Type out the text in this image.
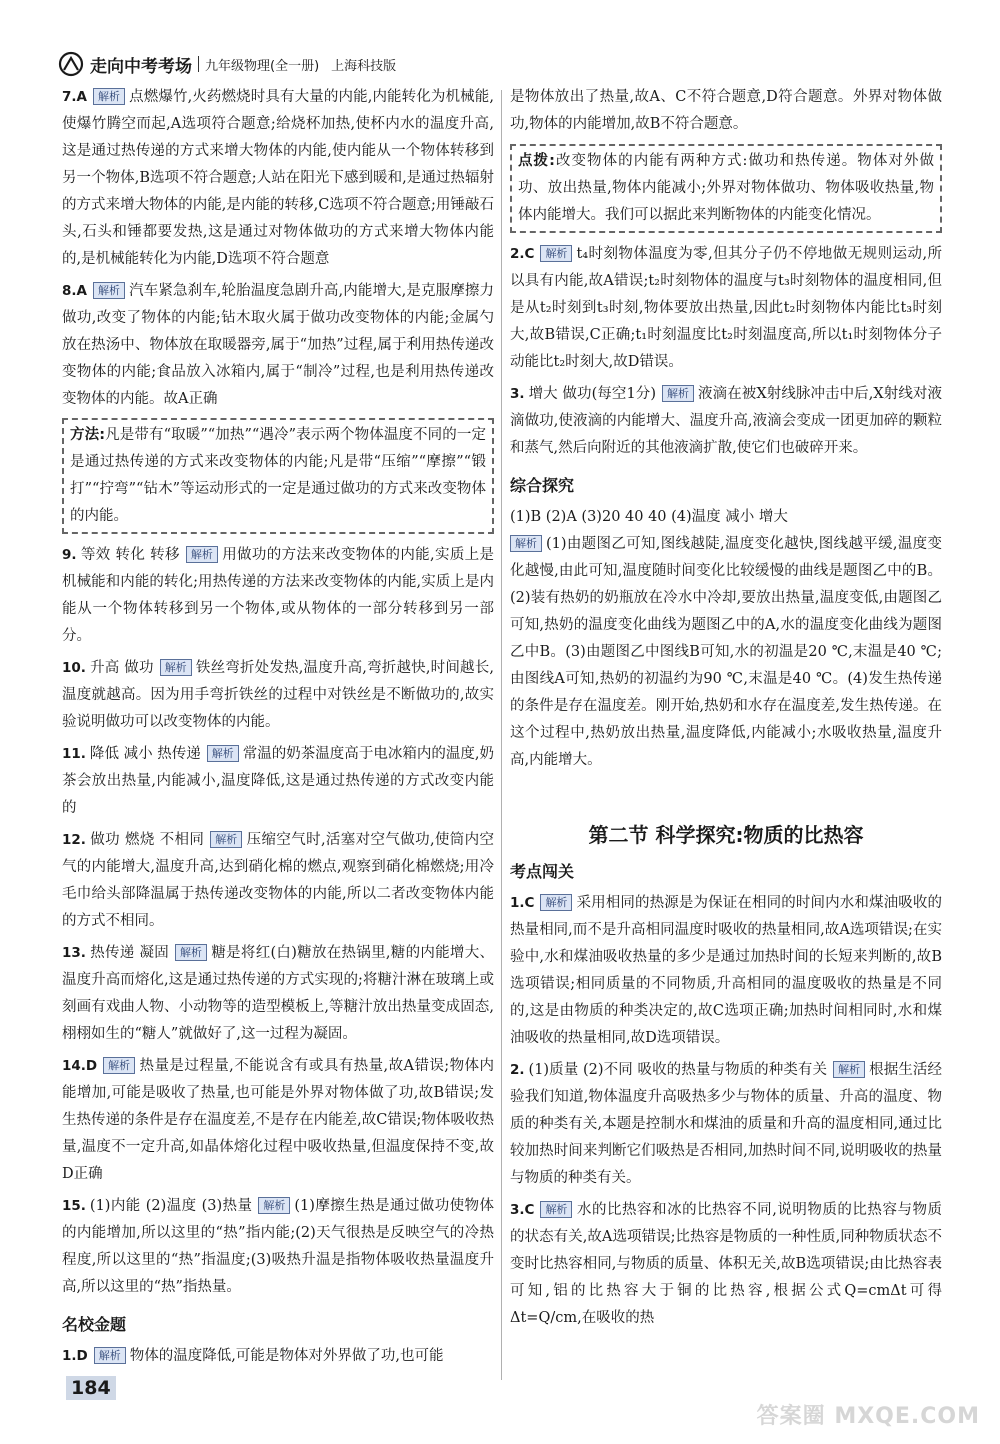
走向中考考场 九年级物理(全一册) 上海科技版

7.A 解析 点燃爆竹,火药燃烧时具有大量的内能,内能转化为机械能,使爆竹腾空而起,A选项符合题意;给烧杯加热,使杯内水的温度升高,这是通过热传递的方式来增大物体的内能,使内能从一个物体转移到另一个物体,B选项不符合题意;人站在阳光下感到暖和,是通过热辐射的方式来增大物体的内能,是内能的转移,C选项不符合题意;用锤敲石头,石头和锤都要发热,这是通过对物体做功的方式来增大物体内能的,是机械能转化为内能,D选项不符合题意

8.A 解析 汽车紧急刹车,轮胎温度急剧升高,内能增大,是克服摩擦力做功,改变了物体的内能;钻木取火属于做功改变物体的内能;金属勺放在热汤中、物体放在取暖器旁,属于“加热”过程,属于利用热传递改变物体的内能;食品放入冰箱内,属于“制冷”过程,也是利用热传递改变物体的内能。故A正确

方法:凡是带有“取暖”“加热”“遇冷”表示两个物体温度不同的一定是通过热传递的方式来改变物体的内能;凡是带“压缩”“摩擦”“锻打”“拧弯”“钻木”等运动形式的一定是通过做功的方式来改变物体的内能。

9. 等效 转化 转移 解析 用做功的方法来改变物体的内能,实质上是机械能和内能的转化;用热传递的方法来改变物体的内能,实质上是内能从一个物体转移到另一个物体,或从物体的一部分转移到另一部分。

10. 升高 做功 解析 铁丝弯折处发热,温度升高,弯折越快,时间越长,温度就越高。因为用手弯折铁丝的过程中对铁丝是不断做功的,故实验说明做功可以改变物体的内能。

11. 降低 减小 热传递 解析 常温的奶茶温度高于电冰箱内的温度,奶茶会放出热量,内能减小,温度降低,这是通过热传递的方式改变内能的

12. 做功 燃烧 不相同 解析 压缩空气时,活塞对空气做功,使筒内空气的内能增大,温度升高,达到硝化棉的燃点,观察到硝化棉燃烧;用冷毛巾给头部降温属于热传递改变物体的内能,所以二者改变物体内能的方式不相同。

13. 热传递 凝固 解析 糖是将红(白)糖放在热锅里,糖的内能增大、温度升高而熔化,这是通过热传递的方式实现的;将糖汁淋在玻璃上或刻画有戏曲人物、小动物等的造型模板上,等糖汁放出热量变成固态,栩栩如生的“糖人”就做好了,这一过程为凝固。

14.D 解析 热量是过程量,不能说含有或具有热量,故A错误;物体内能增加,可能是吸收了热量,也可能是外界对物体做了功,故B错误;发生热传递的条件是存在温度差,不是存在内能差,故C错误;物体吸收热量,温度不一定升高,如晶体熔化过程中吸收热量,但温度保持不变,故D正确

15. (1)内能 (2)温度 (3)热量 解析 (1)摩擦生热是通过做功使物体的内能增加,所以这里的“热”指内能;(2)天气很热是反映空气的冷热程度,所以这里的“热”指温度;(3)吸热升温是指物体吸收热量温度升高,所以这里的“热”指热量。

名校金题

1.D 解析 物体的温度降低,可能是物体对外界做了功,也可能

是物体放出了热量,故A、C不符合题意,D符合题意。外界对物体做功,物体的内能增加,故B不符合题意。

点拨:改变物体的内能有两种方式:做功和热传递。物体对外做功、放出热量,物体内能减小;外界对物体做功、物体吸收热量,物体内能增大。我们可以据此来判断物体的内能变化情况。

2.C 解析 t₄时刻物体温度为零,但其分子仍不停地做无规则运动,所以具有内能,故A错误;t₂时刻物体的温度与t₃时刻物体的温度相同,但是从t₂时刻到t₃时刻,物体要放出热量,因此t₂时刻物体内能比t₃时刻大,故B错误,C正确;t₁时刻温度比t₂时刻温度高,所以t₁时刻物体分子动能比t₂时刻大,故D错误。

3. 增大 做功(每空1分) 解析 液滴在被X射线脉冲击中后,X射线对液滴做功,使液滴的内能增大、温度升高,液滴会变成一团更加碎的颗粒和蒸气,然后向附近的其他液滴扩散,使它们也破碎开来。

综合探究

(1)B (2)A (3)20 40 40 (4)温度 减小 增大

解析 (1)由题图乙可知,图线越陡,温度变化越快,图线越平缓,温度变化越慢,由此可知,温度随时间变化比较缓慢的曲线是题图乙中的B。(2)装有热奶的奶瓶放在冷水中冷却,要放出热量,温度变低,由题图乙可知,热奶的温度变化曲线为题图乙中的A,水的温度变化曲线为题图乙中B。(3)由题图乙中图线B可知,水的初温是20 ℃,末温是40 ℃;由图线A可知,热奶的初温约为90 ℃,末温是40 ℃。(4)发生热传递的条件是存在温度差。刚开始,热奶和水存在温度差,发生热传递。在这个过程中,热奶放出热量,温度降低,内能减小;水吸收热量,温度升高,内能增大。

第二节 科学探究:物质的比热容
考点闯关

1.C 解析 采用相同的热源是为保证在相同的时间内水和煤油吸收的热量相同,而不是升高相同温度时吸收的热量相同,故A选项错误;在实验中,水和煤油吸收热量的多少是通过加热时间的长短来判断的,故B选项错误;相同质量的不同物质,升高相同的温度吸收的热量是不同的,这是由物质的种类决定的,故C选项正确;加热时间相同时,水和煤油吸收的热量相同,故D选项错误。

2. (1)质量 (2)不同 吸收的热量与物质的种类有关 解析 根据生活经验我们知道,物体温度升高吸热多少与物体的质量、升高的温度、物质的种类有关,本题是控制水和煤油的质量和升高的温度相同,通过比较加热时间来判断它们吸热是否相同,加热时间不同,说明吸收的热量与物质的种类有关。

3.C 解析 水的比热容和冰的比热容不同,说明物质的比热容与物质的状态有关,故A选项错误;比热容是物质的一种性质,同种物质状态不变时比热容相同,与物质的质量、体积无关,故B选项错误;由比热容表可知,铝的比热容大于铜的比热容,根据公式Q=cmΔt可得Δt=Q/cm,在吸收的热

184
答案圈 MXQE.COM
